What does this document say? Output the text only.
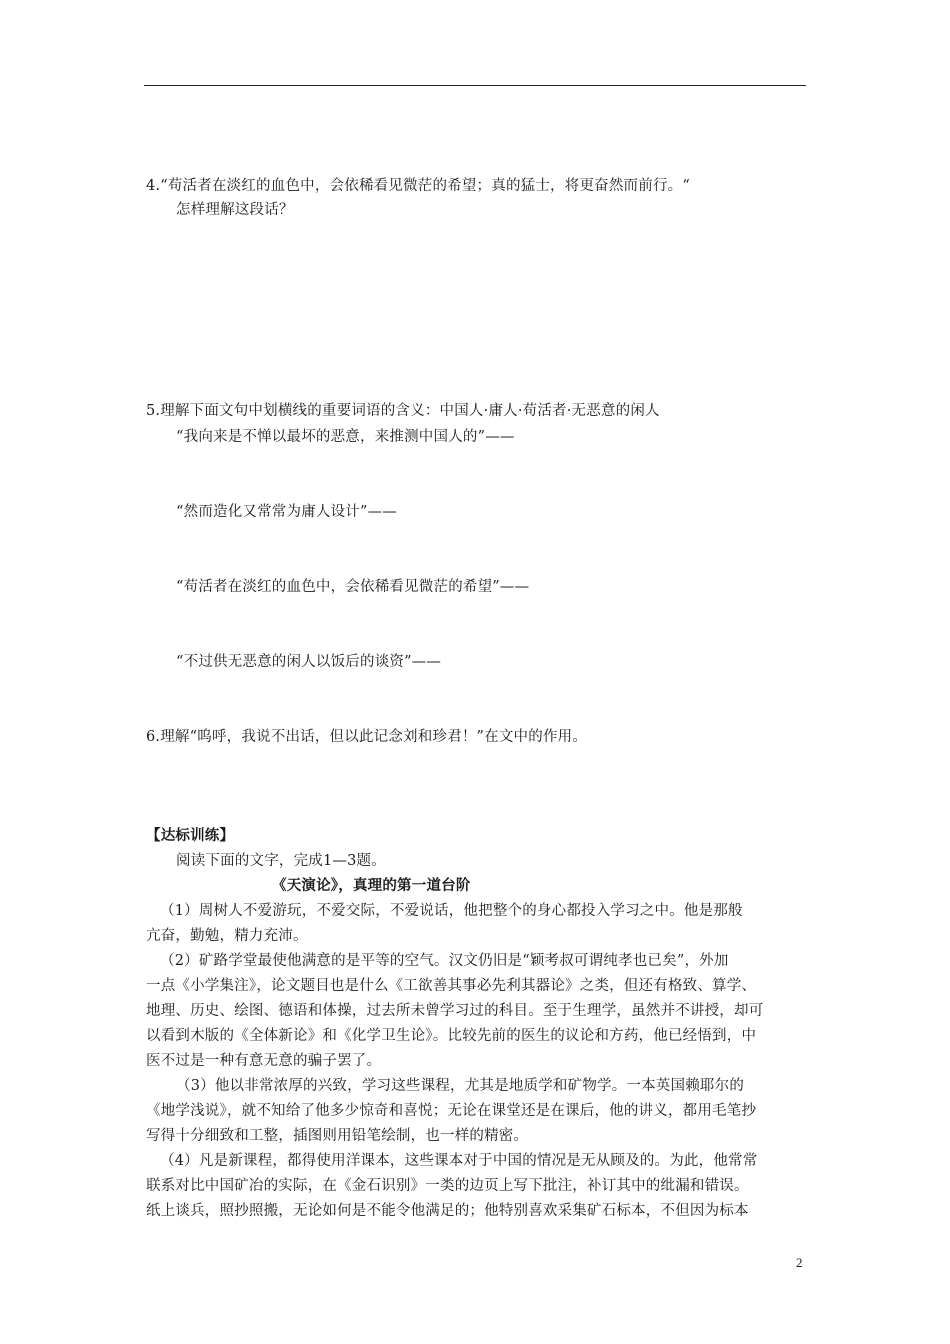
4.“苟活者在淡红的血色中，会依稀看见微茫的希望；真的猛士，将更奋然而前行。“
怎样理解这段话？
5.理解下面文句中划横线的重要词语的含义：中国人·庸人·苟活者·无恶意的闲人
“我向来是不惮以最坏的恶意，来推测中国人的”——
“然而造化又常常为庸人设计”——
“苟活者在淡红的血色中，会依稀看见微茫的希望”——
“不过供无恶意的闲人以饭后的谈资”——
6.理解“呜呼，我说不出话，但以此记念刘和珍君！”在文中的作用。
【达标训练】
阅读下面的文字，完成1—3题。
《天演论》，真理的第一道台阶
（1）周树人不爱游玩，不爱交际，不爱说话，他把整个的身心都投入学习之中。他是那般
亢奋，勤勉，精力充沛。
（2）矿路学堂最使他满意的是平等的空气。汉文仍旧是“颖考叔可谓纯孝也已矣”，外加
一点《小学集注》，论文题目也是什么《工欲善其事必先利其器论》之类，但还有格致、算学、
地理、历史、绘图、德语和体操，过去所未曾学习过的科目。至于生理学，虽然并不讲授，却可
以看到木版的《全体新论》和《化学卫生论》。比较先前的医生的议论和方药，他已经悟到，中
医不过是一种有意无意的骗子罢了。
（3）他以非常浓厚的兴致，学习这些课程，尤其是地质学和矿物学。一本英国赖耶尔的
《地学浅说》，就不知给了他多少惊奇和喜悦；无论在课堂还是在课后，他的讲义，都用毛笔抄
写得十分细致和工整，插图则用铅笔绘制，也一样的精密。
（4）凡是新课程，都得使用洋课本，这些课本对于中国的情况是无从顾及的。为此，他常常
联系对比中国矿冶的实际，在《金石识别》一类的边页上写下批注，补订其中的纰漏和错误。
纸上谈兵，照抄照搬，无论如何是不能令他满足的；他特别喜欢采集矿石标本，不但因为标本
2
